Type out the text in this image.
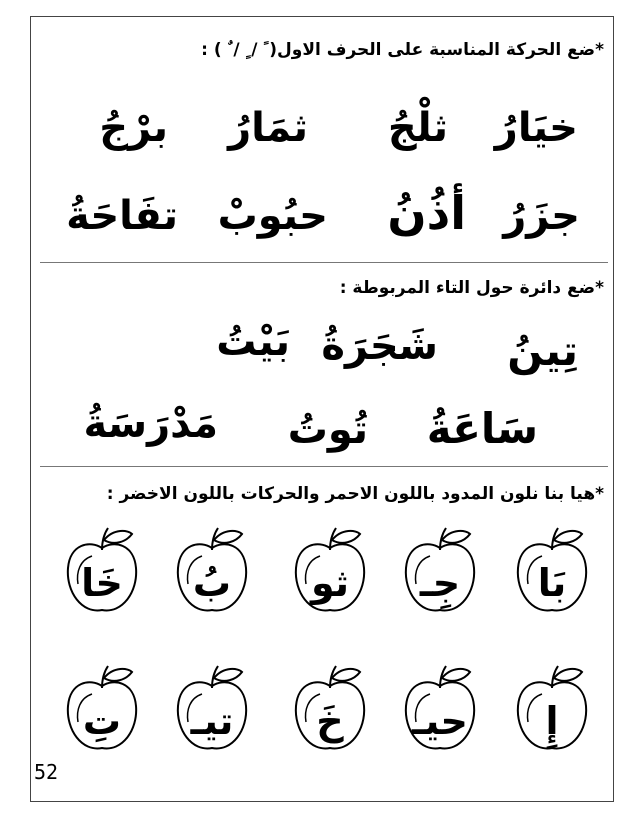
*ضع الحركة المناسبة على الحرف الاول( ً / ٍ / ٌ ) :
خيَارُ
ثلْجُ
ثمَارُ
برْجُ
جزَرُ
أذُنُ
حبُوبْ
تفَاحَةُ
*ضع دائرة حول التاء المربوطة :
تِينُ
شَجَرَةُ
بَيْتُ
سَاعَةُ
تُوتُ
مَدْرَسَةُ
*هيا بنا نلون المدود باللون الاحمر والحركات باللون الاخضر :
بَا
جِـ
ثو
بُ
خَا
إِ
حيـ
خَ
تيـ
تِ
52
